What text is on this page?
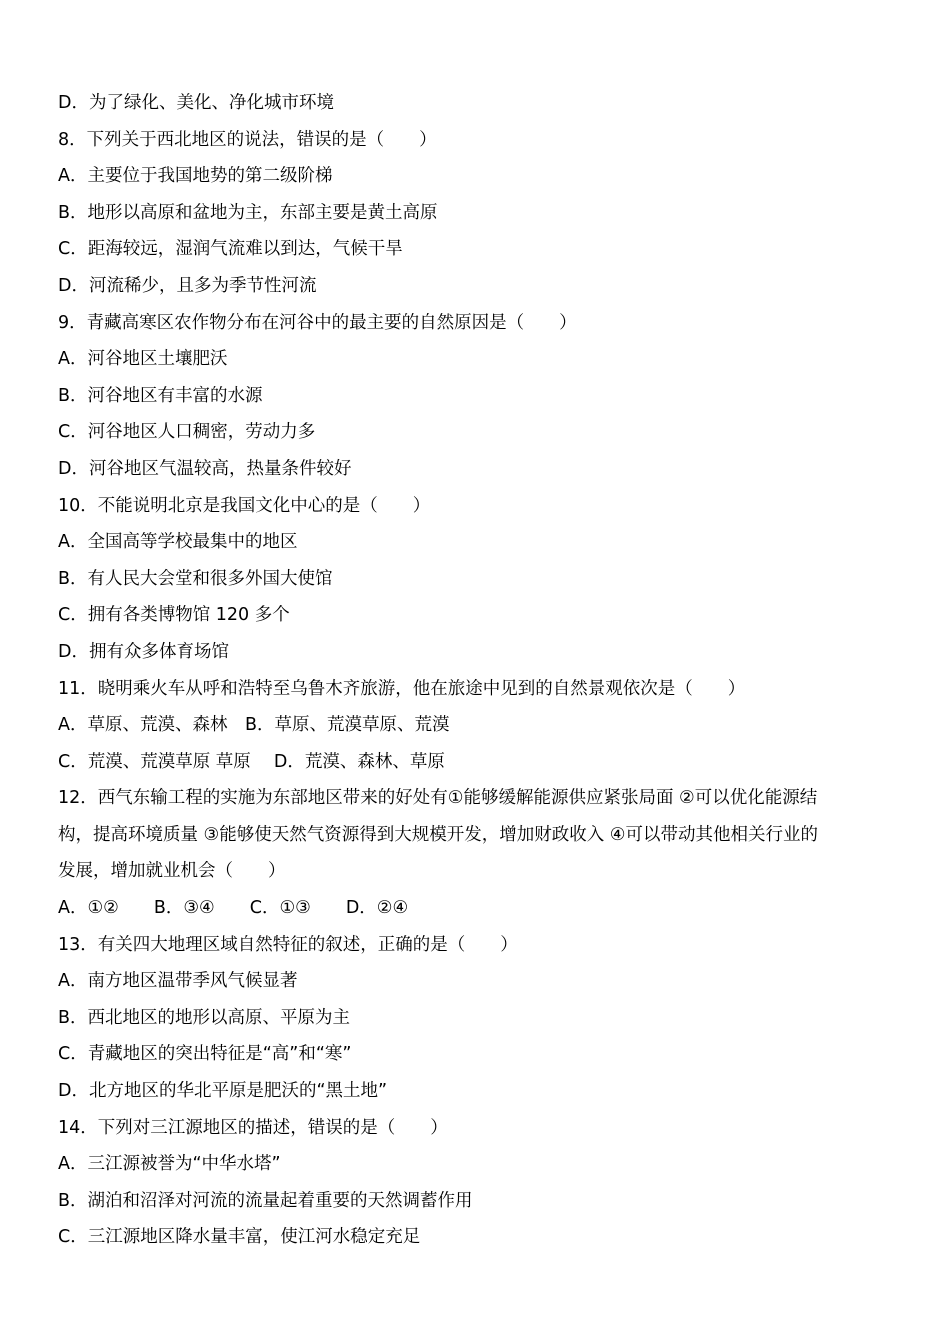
D．为了绿化、美化、净化城市环境
8．下列关于西北地区的说法，错误的是（　　）
A．主要位于我国地势的第二级阶梯
B．地形以高原和盆地为主，东部主要是黄土高原
C．距海较远，湿润气流难以到达，气候干旱
D．河流稀少，且多为季节性河流
9．青藏高寒区农作物分布在河谷中的最主要的自然原因是（　　）
A．河谷地区土壤肥沃
B．河谷地区有丰富的水源
C．河谷地区人口稠密，劳动力多
D．河谷地区气温较高，热量条件较好
10．不能说明北京是我国文化中心的是（　　）
A．全国高等学校最集中的地区
B．有人民大会堂和很多外国大使馆
C．拥有各类博物馆 120 多个
D．拥有众多体育场馆
11．晓明乘火车从呼和浩特至乌鲁木齐旅游，他在旅途中见到的自然景观依次是（　　）
A．草原、荒漠、森林　B．草原、荒漠草原、荒漠
C．荒漠、荒漠草原 草原　 D．荒漠、森林、草原
12．西气东输工程的实施为东部地区带来的好处有①能够缓解能源供应紧张局面 ②可以优化能源结
构，提高环境质量 ③能够使天然气资源得到大规模开发，增加财政收入 ④可以带动其他相关行业的
发展，增加就业机会（　　）
A．①②　　B．③④　　C．①③　　D．②④
13．有关四大地理区域自然特征的叙述，正确的是（　　）
A．南方地区温带季风气候显著
B．西北地区的地形以高原、平原为主
C．青藏地区的突出特征是“高”和“寒”
D．北方地区的华北平原是肥沃的“黑土地”
14．下列对三江源地区的描述，错误的是（　　）
A．三江源被誉为“中华水塔”
B．湖泊和沼泽对河流的流量起着重要的天然调蓄作用
C．三江源地区降水量丰富，使江河水稳定充足
